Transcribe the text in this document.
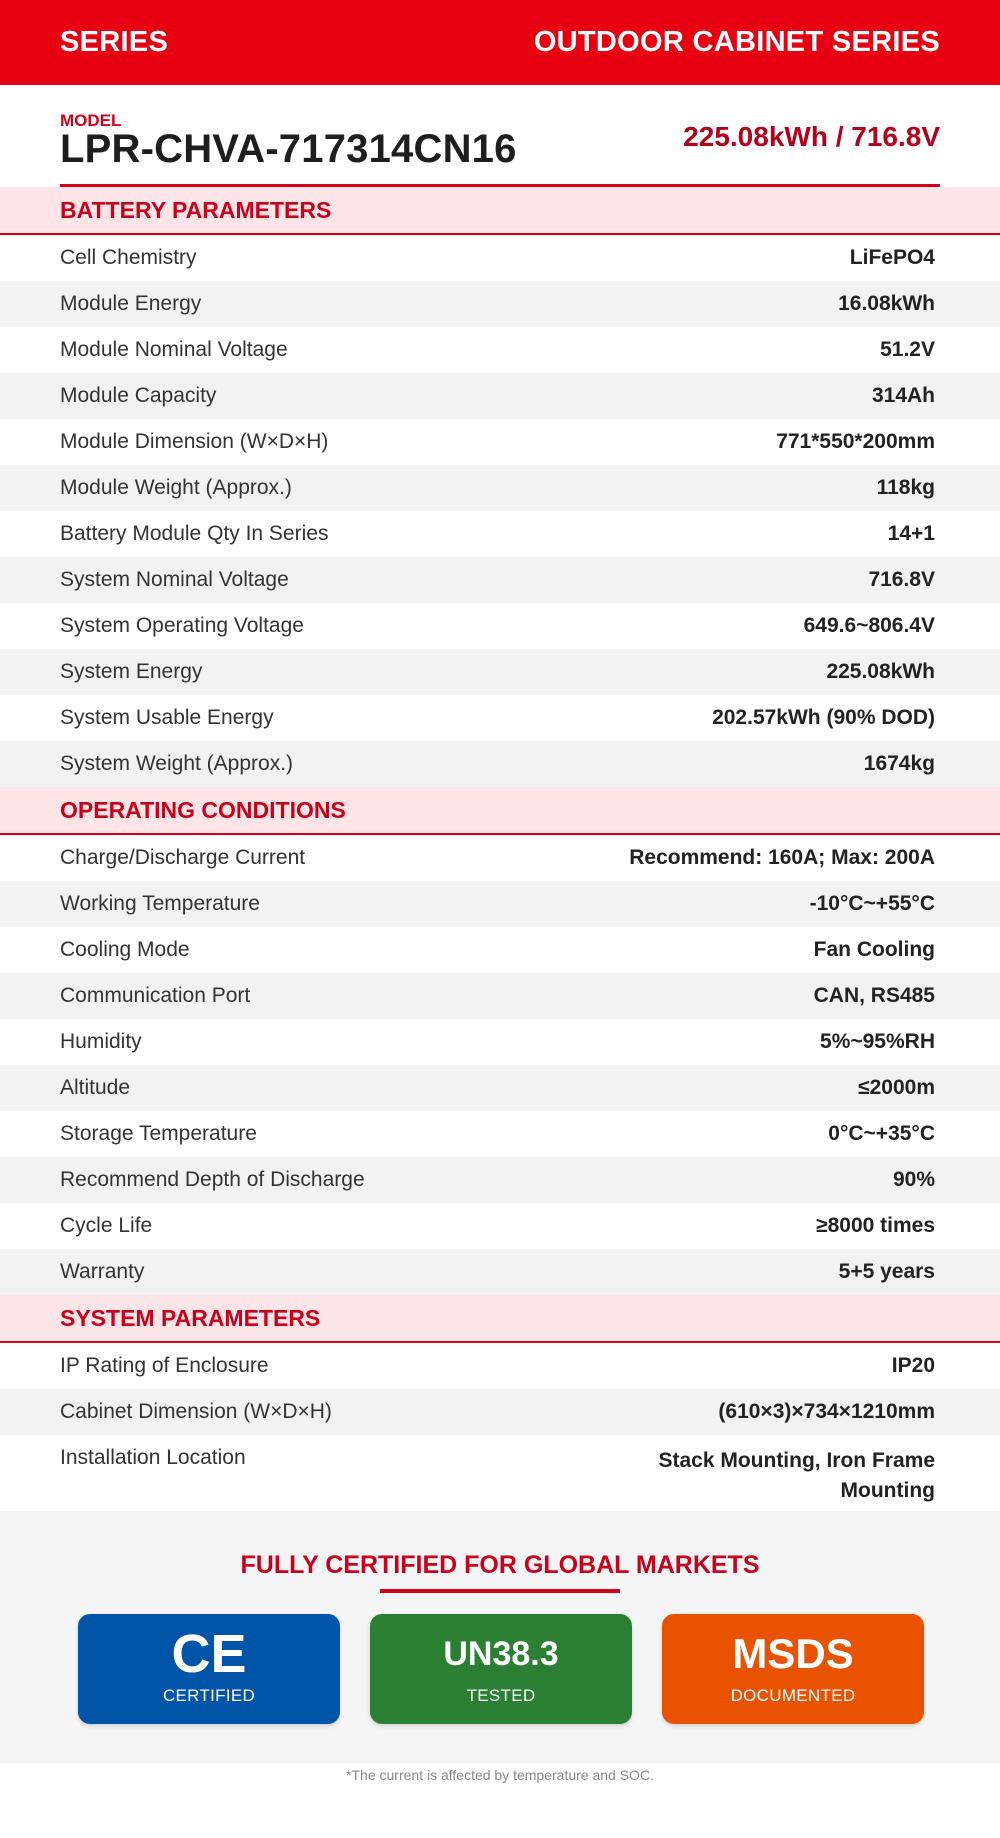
SERIES	OUTDOOR CABINET SERIES
MODEL
LPR-CHVA-717314CN16	225.08kWh / 716.8V
BATTERY PARAMETERS
Cell Chemistry	LiFePO4
Module Energy	16.08kWh
Module Nominal Voltage	51.2V
Module Capacity	314Ah
Module Dimension (W×D×H)	771*550*200mm
Module Weight (Approx.)	118kg
Battery Module Qty In Series	14+1
System Nominal Voltage	716.8V
System Operating Voltage	649.6~806.4V
System Energy	225.08kWh
System Usable Energy	202.57kWh (90% DOD)
System Weight (Approx.)	1674kg
OPERATING CONDITIONS
Charge/Discharge Current	Recommend: 160A; Max: 200A
Working Temperature	-10°C~+55°C
Cooling Mode	Fan Cooling
Communication Port	CAN, RS485
Humidity	5%~95%RH
Altitude	≤2000m
Storage Temperature	0°C~+35°C
Recommend Depth of Discharge	90%
Cycle Life	≥8000 times
Warranty	5+5 years
SYSTEM PARAMETERS
IP Rating of Enclosure	IP20
Cabinet Dimension (W×D×H)	(610×3)×734×1210mm
Installation Location	Stack Mounting, Iron Frame Mounting
FULLY CERTIFIED FOR GLOBAL MARKETS
CE
CERTIFIED
UN38.3
TESTED
MSDS
DOCUMENTED
*The current is affected by temperature and SOC.
